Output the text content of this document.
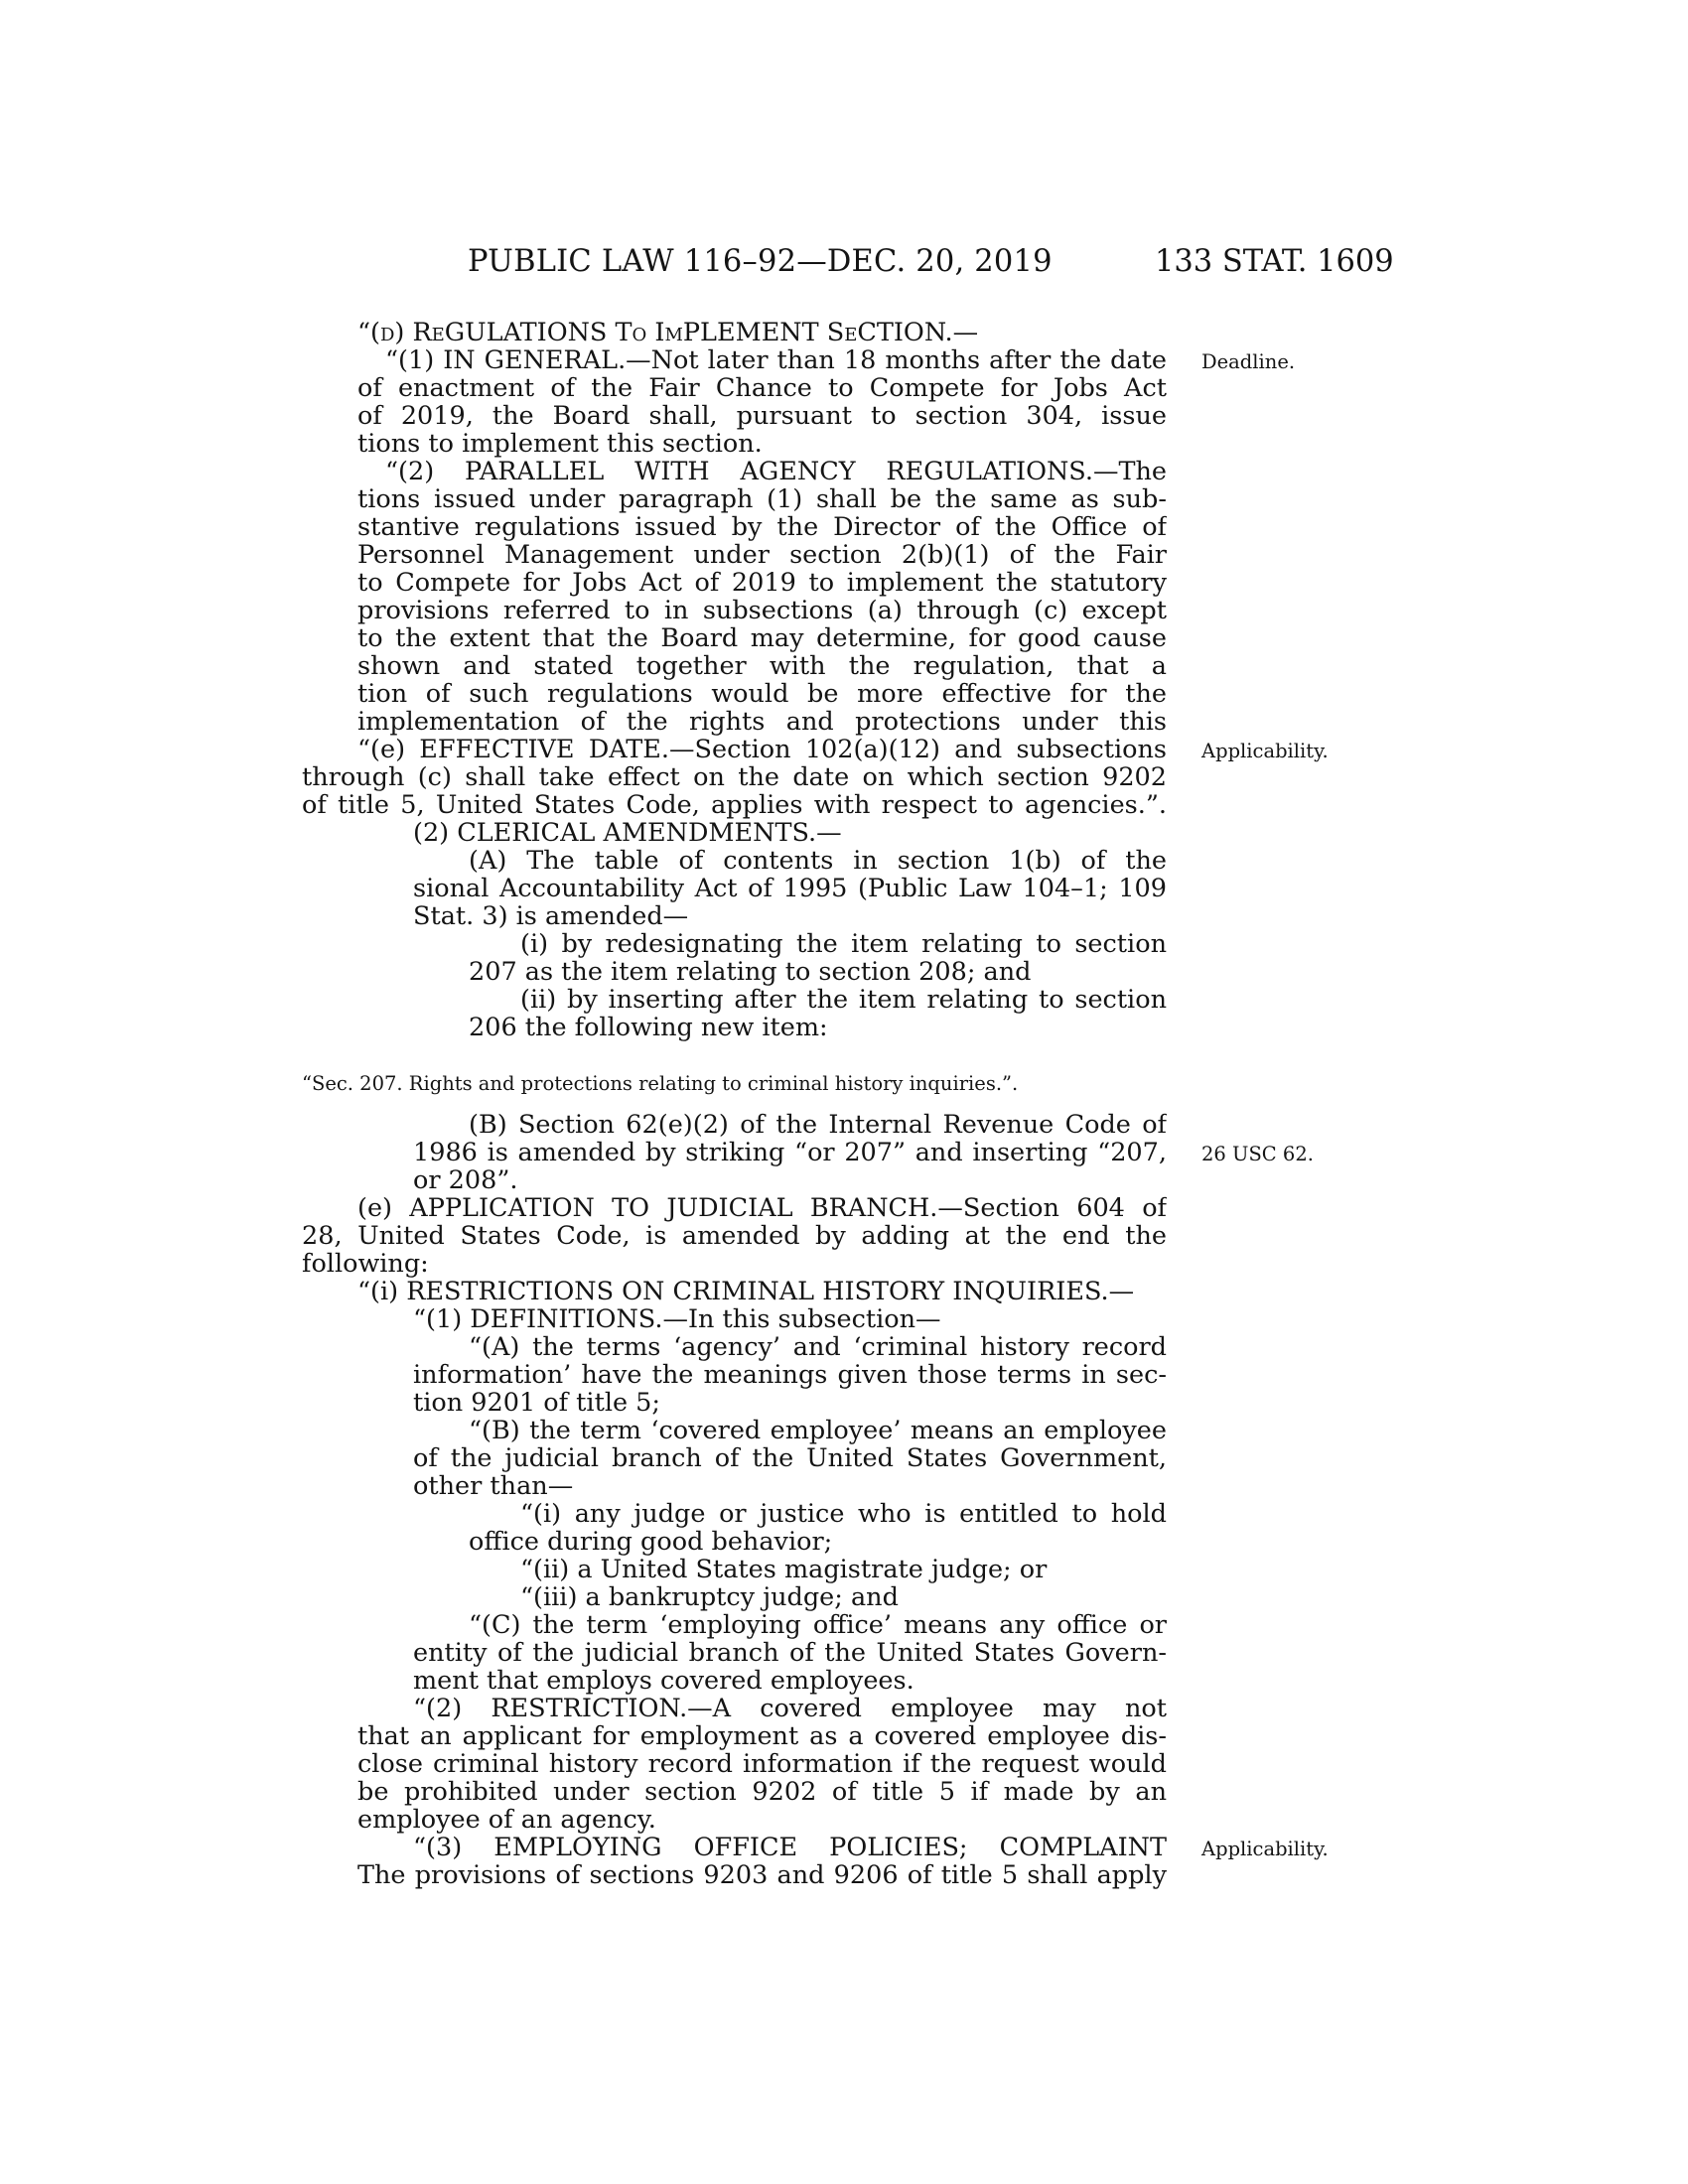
PUBLIC LAW 116–92—DEC. 20, 2019	133 STAT. 1609
“(d) ReGULATIONS To ImPLEMENT SeCTION.—
“(1) IN GENERAL.—Not later than 18 months after the date
of enactment of the Fair Chance to Compete for Jobs Act
of 2019, the Board shall, pursuant to section 304, issue
tions to implement this section.
“(2) PARALLEL WITH AGENCY REGULATIONS.—The
tions issued under paragraph (1) shall be the same as sub-
stantive regulations issued by the Director of the Office of
Personnel Management under section 2(b)(1) of the Fair
to Compete for Jobs Act of 2019 to implement the statutory
provisions referred to in subsections (a) through (c) except
to the extent that the Board may determine, for good cause
shown and stated together with the regulation, that a
tion of such regulations would be more effective for the
implementation of the rights and protections under this
“(e) EFFECTIVE DATE.—Section 102(a)(12) and subsections
through (c) shall take effect on the date on which section 9202
of title 5, United States Code, applies with respect to agencies.”.
(2) CLERICAL AMENDMENTS.—
(A) The table of contents in section 1(b) of the
sional Accountability Act of 1995 (Public Law 104–1; 109
Stat. 3) is amended—
(i) by redesignating the item relating to section
207 as the item relating to section 208; and
(ii) by inserting after the item relating to section
206 the following new item:
“Sec. 207. Rights and protections relating to criminal history inquiries.”.
(B) Section 62(e)(2) of the Internal Revenue Code of
1986 is amended by striking “or 207” and inserting “207,
or 208”.
(e) APPLICATION TO JUDICIAL BRANCH.—Section 604 of
28, United States Code, is amended by adding at the end the
following:
“(i) RESTRICTIONS ON CRIMINAL HISTORY INQUIRIES.—
“(1) DEFINITIONS.—In this subsection—
“(A) the terms ‘agency’ and ‘criminal history record
information’ have the meanings given those terms in sec-
tion 9201 of title 5;
“(B) the term ‘covered employee’ means an employee
of the judicial branch of the United States Government,
other than—
“(i) any judge or justice who is entitled to hold
office during good behavior;
“(ii) a United States magistrate judge; or
“(iii) a bankruptcy judge; and
“(C) the term ‘employing office’ means any office or
entity of the judicial branch of the United States Govern-
ment that employs covered employees.
“(2) RESTRICTION.—A covered employee may not
that an applicant for employment as a covered employee dis-
close criminal history record information if the request would
be prohibited under section 9202 of title 5 if made by an
employee of an agency.
“(3) EMPLOYING OFFICE POLICIES; COMPLAINT
The provisions of sections 9203 and 9206 of title 5 shall apply
Deadline.
Applicability.
26 USC 62.
Applicability.
